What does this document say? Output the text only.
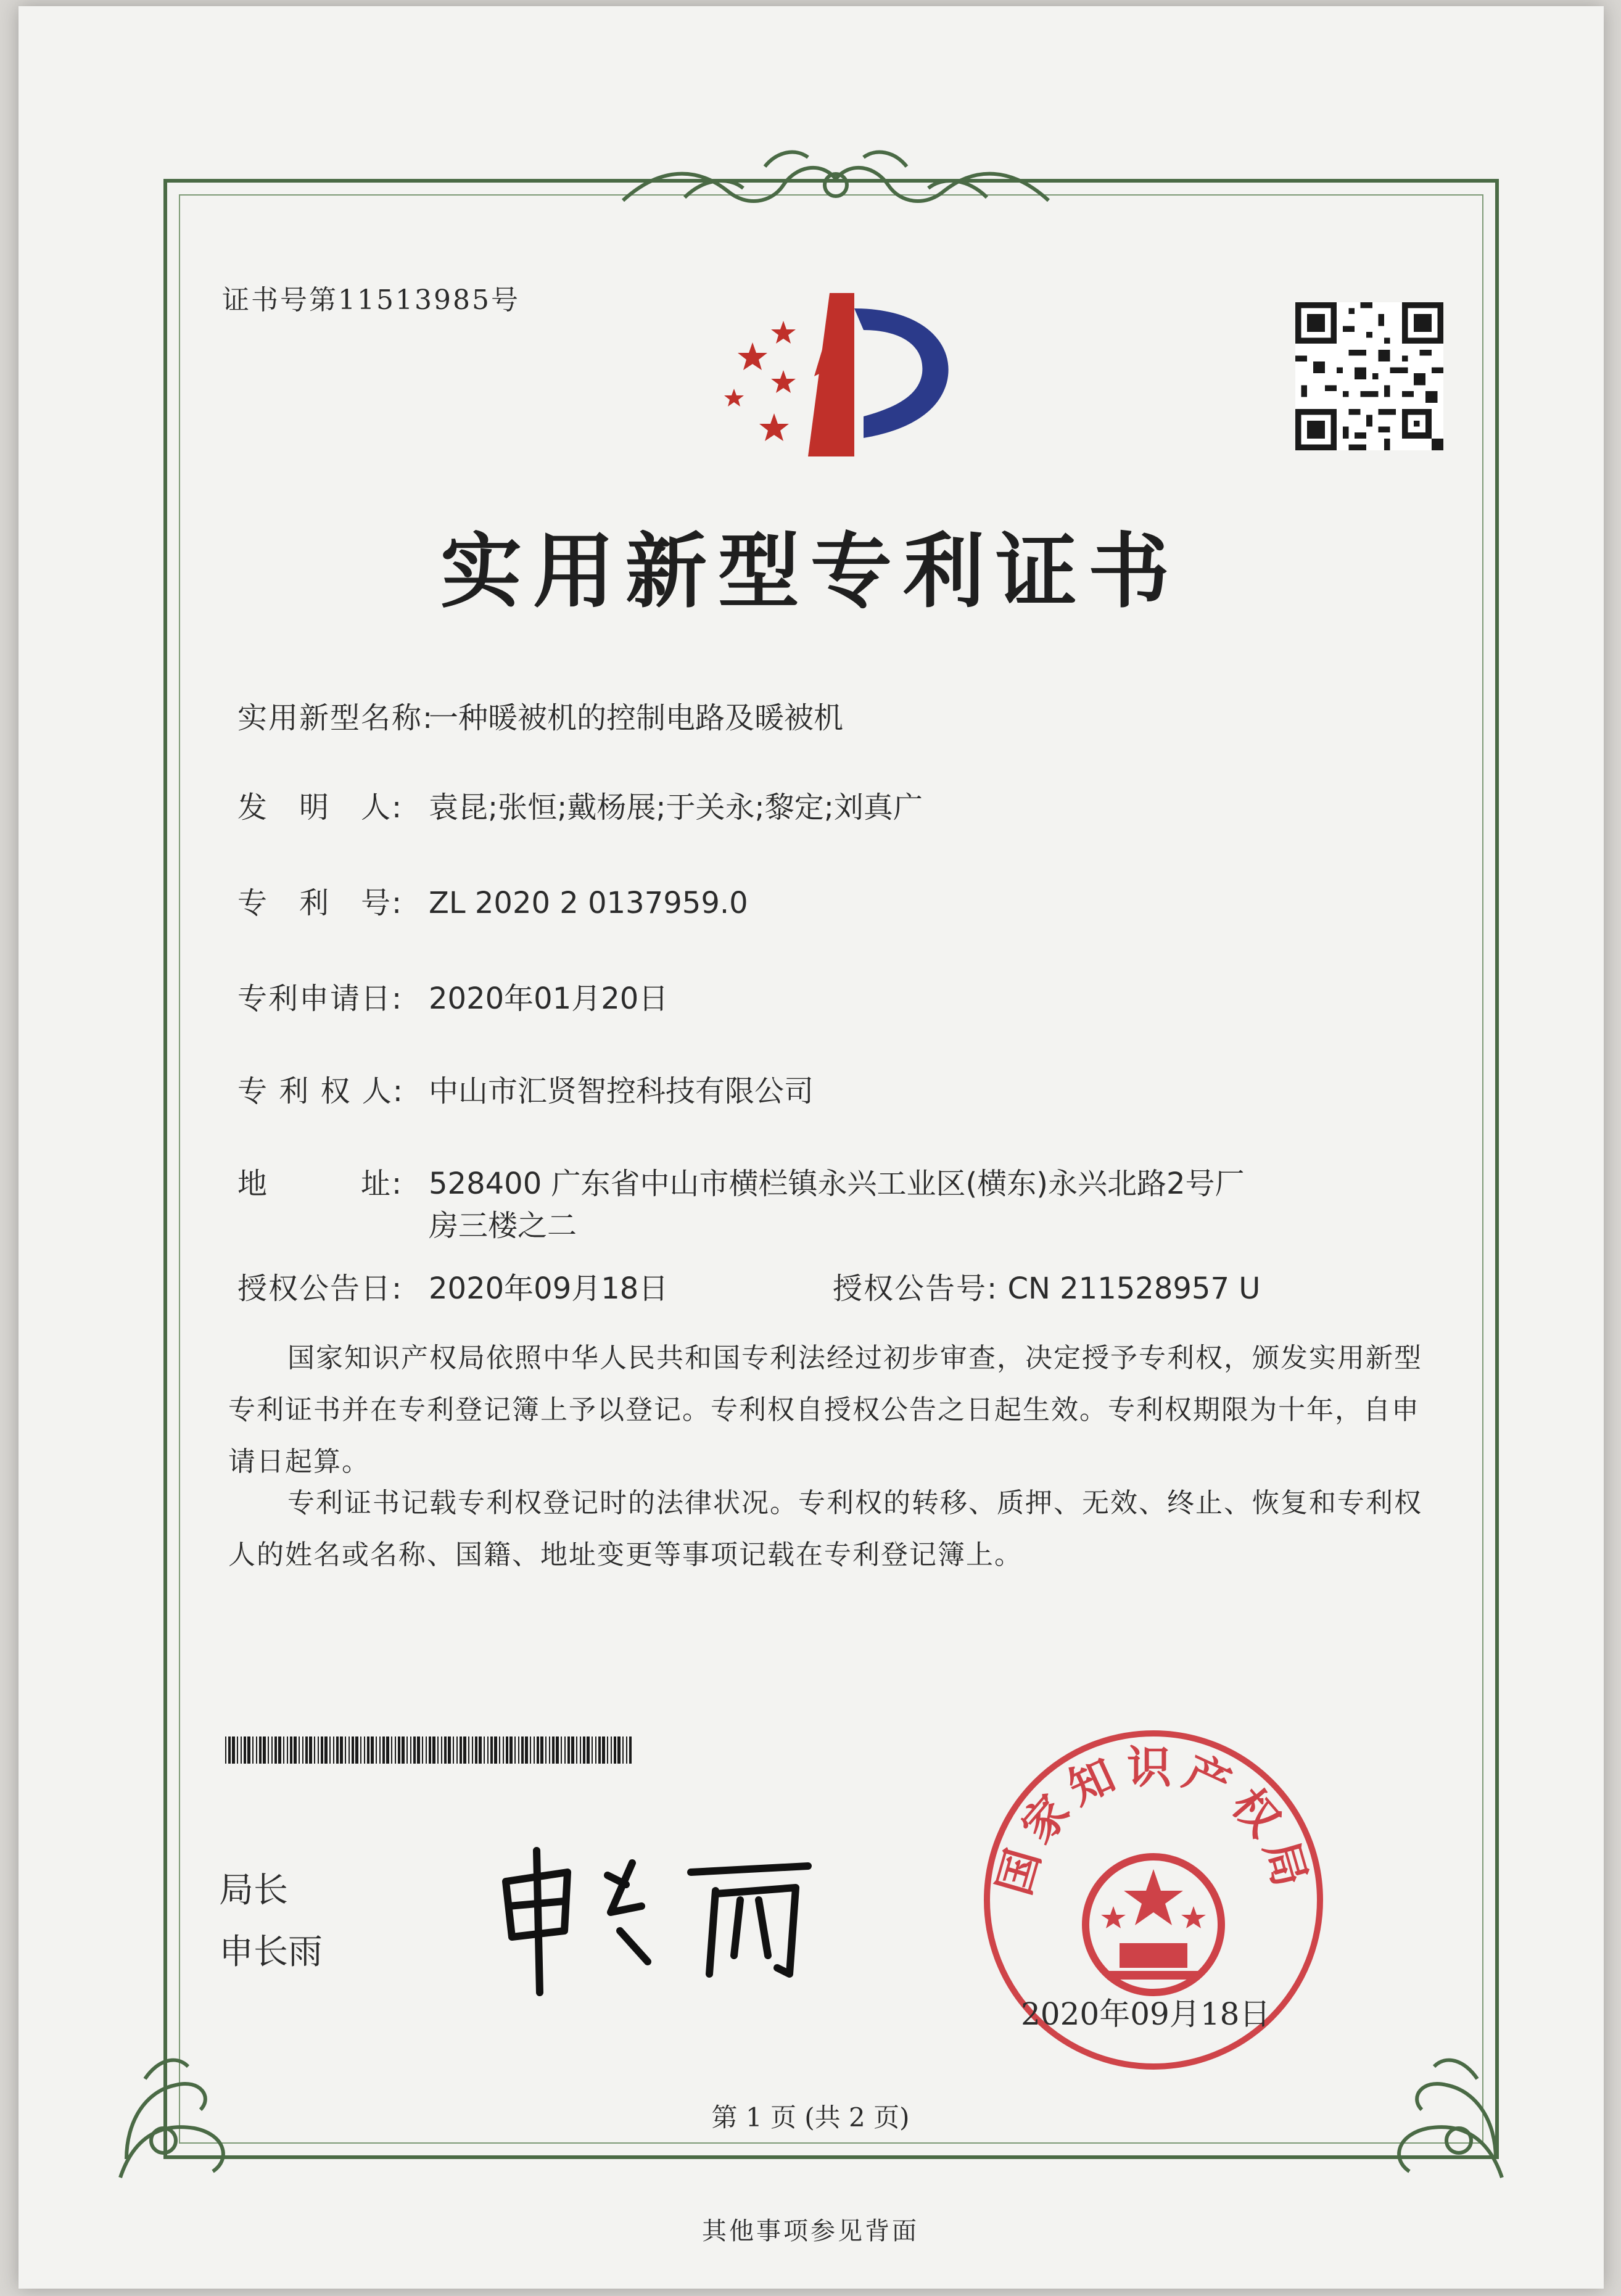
证书号第11513985号
实用新型专利证书
实用新型名称:一种暖被机的控制电路及暖被机
发　明　人: 袁昆;张恒;戴杨展;于关永;黎定;刘真广
专　利　号: ZL 2020 2 0137959.0
专利申请日: 2020年01月20日
专 利 权 人: 中山市汇贤智控科技有限公司
地　　　址: 528400 广东省中山市横栏镇永兴工业区(横东)永兴北路2号厂房三楼之二
授权公告日: 2020年09月18日	授权公告号: CN 211528957 U
国家知识产权局依照中华人民共和国专利法经过初步审查，决定授予专利权，颁发实用新型专利证书并在专利登记簿上予以登记。专利权自授权公告之日起生效。专利权期限为十年，自申请日起算。
专利证书记载专利权登记时的法律状况。专利权的转移、质押、无效、终止、恢复和专利权人的姓名或名称、国籍、地址变更等事项记载在专利登记簿上。
局长
申长雨
国家知识产权局
2020年09月18日
第 1 页 (共 2 页)
其他事项参见背面
